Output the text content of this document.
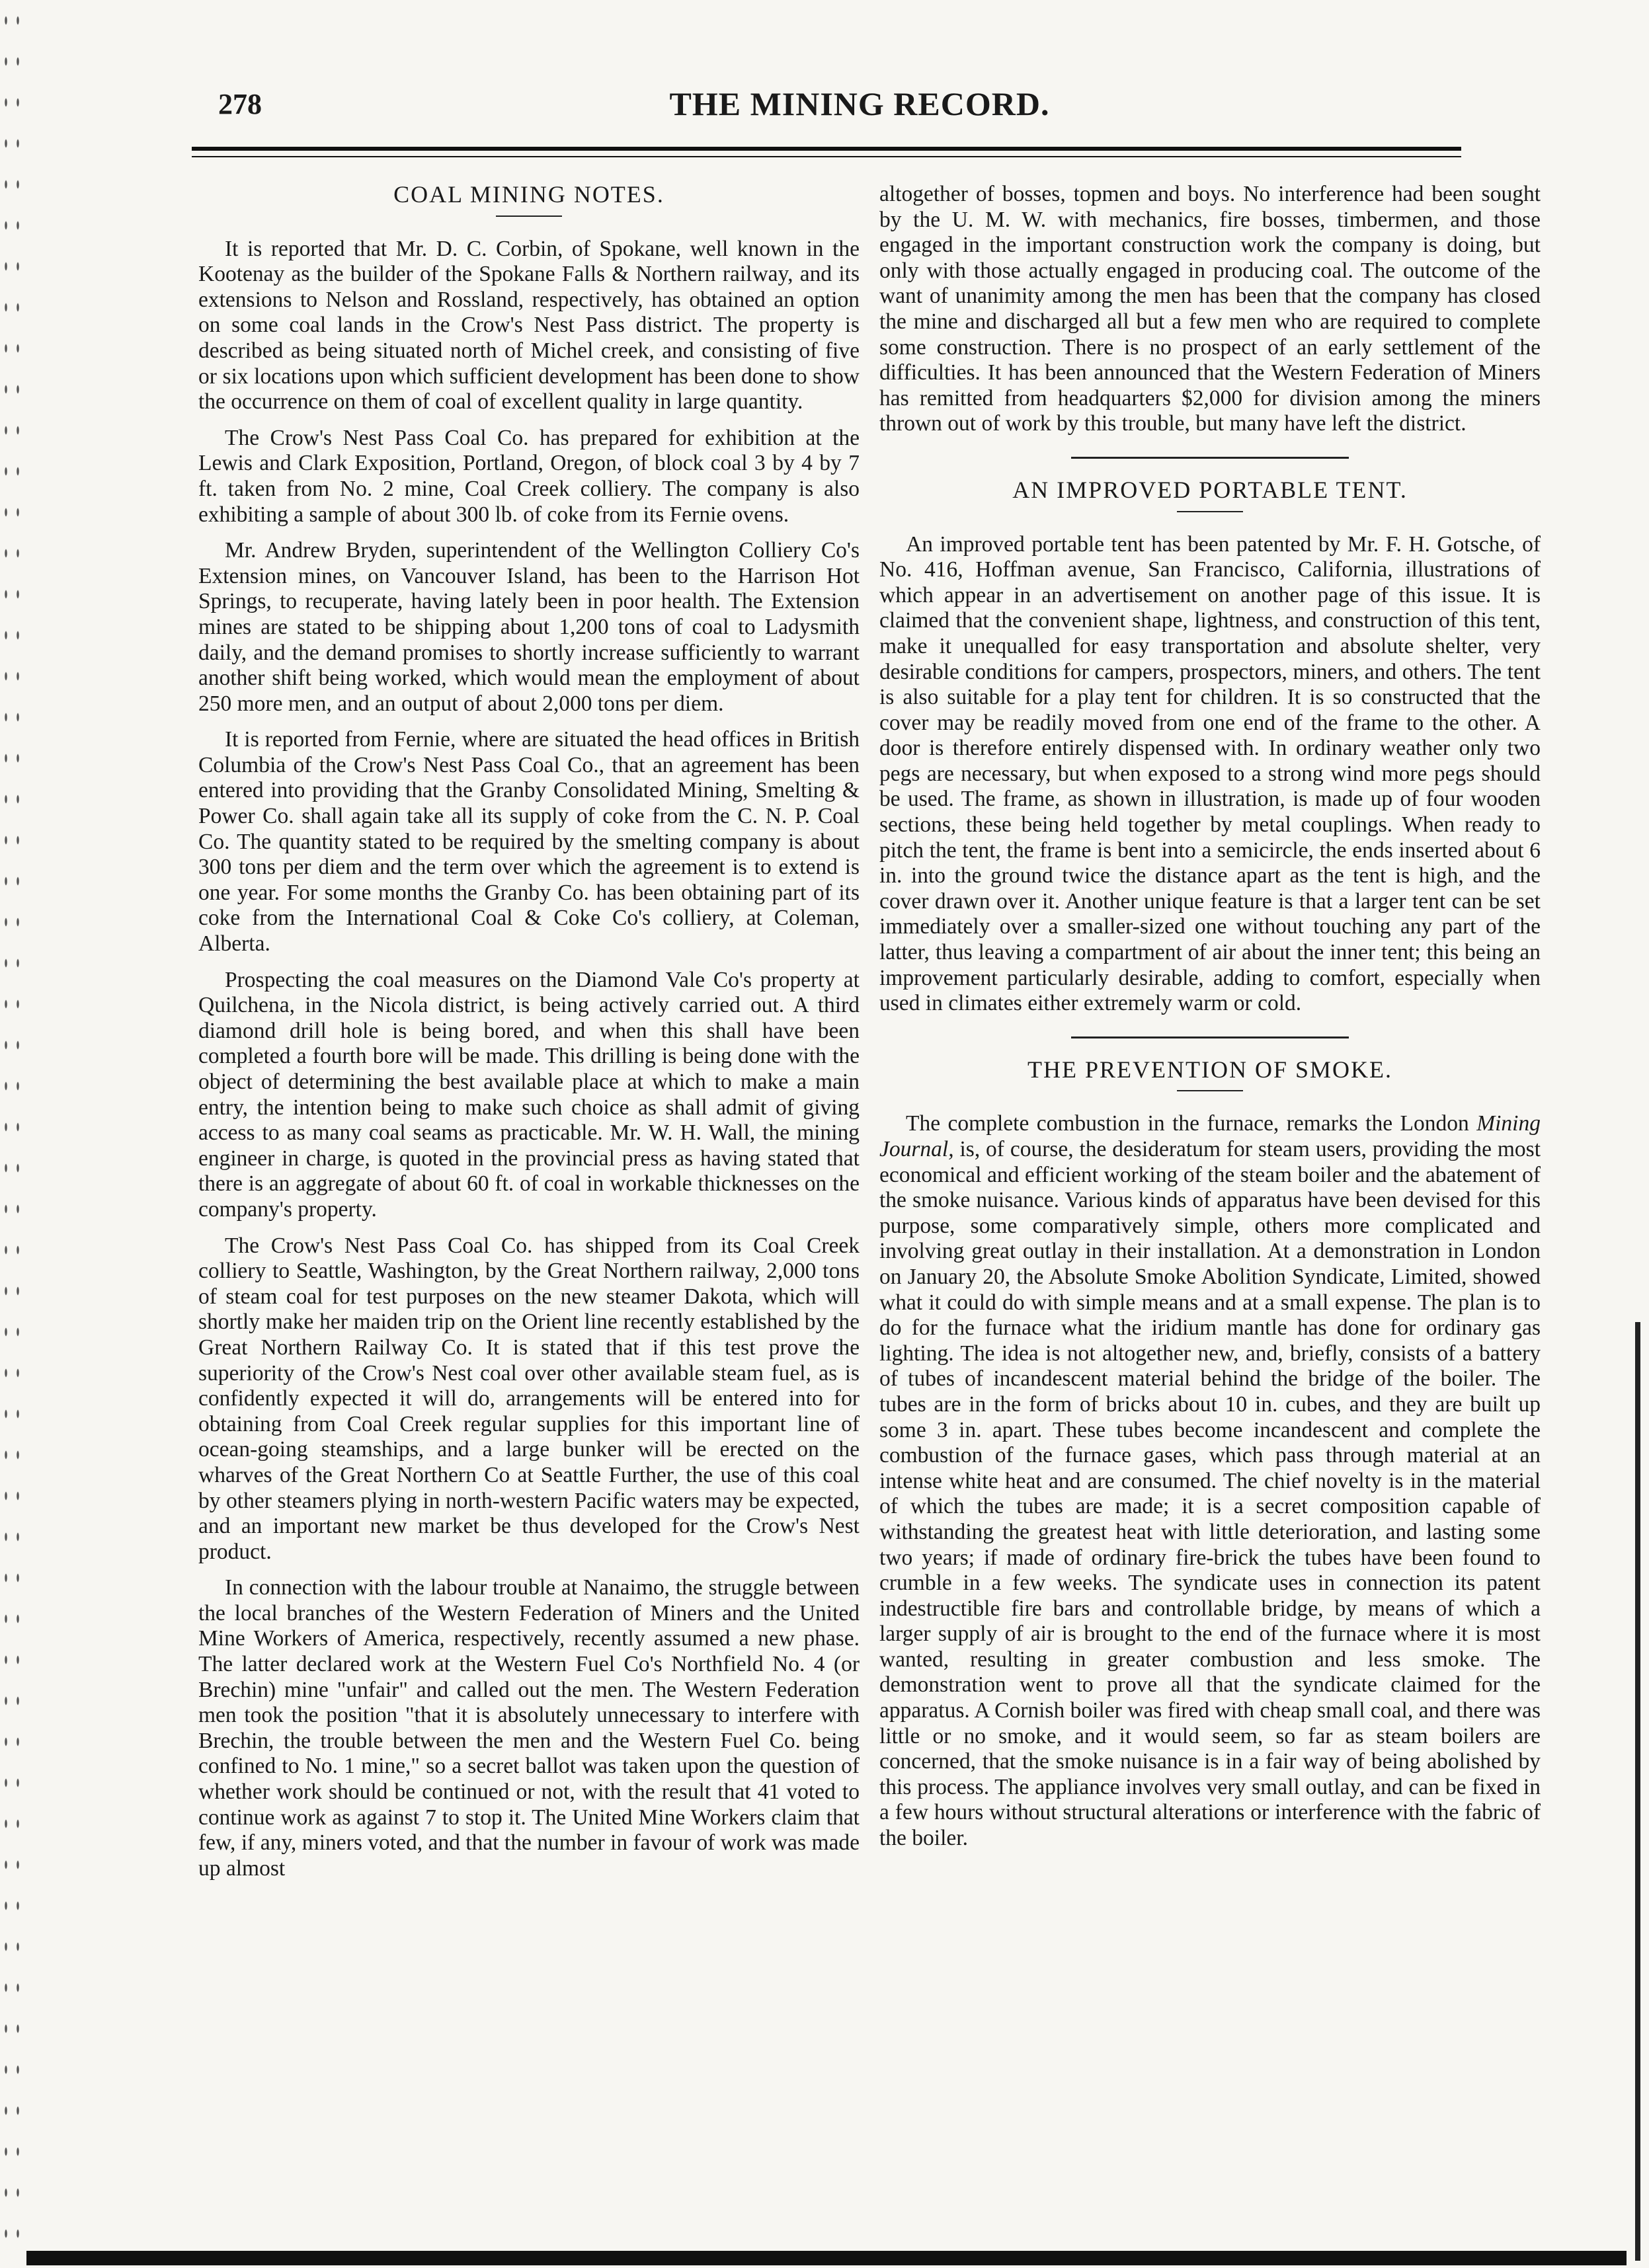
278	THE MINING RECORD.
COAL MINING NOTES.

It is reported that Mr. D. C. Corbin, of Spokane, well known in the Kootenay as the builder of the Spokane Falls & Northern railway, and its extensions to Nelson and Rossland, respectively, has obtained an option on some coal lands in the Crow's Nest Pass district. The property is described as being situated north of Michel creek, and consisting of five or six locations upon which sufficient development has been done to show the occurrence on them of coal of excellent quality in large quantity.

The Crow's Nest Pass Coal Co. has prepared for exhibition at the Lewis and Clark Exposition, Portland, Oregon, of block coal 3 by 4 by 7 ft. taken from No. 2 mine, Coal Creek colliery. The company is also exhibiting a sample of about 300 lb. of coke from its Fernie ovens.

Mr. Andrew Bryden, superintendent of the Wellington Colliery Co's Extension mines, on Vancouver Island, has been to the Harrison Hot Springs, to recuperate, having lately been in poor health. The Extension mines are stated to be shipping about 1,200 tons of coal to Ladysmith daily, and the demand promises to shortly increase sufficiently to warrant another shift being worked, which would mean the employment of about 250 more men, and an output of about 2,000 tons per diem.

It is reported from Fernie, where are situated the head offices in British Columbia of the Crow's Nest Pass Coal Co., that an agreement has been entered into providing that the Granby Consolidated Mining, Smelting & Power Co. shall again take all its supply of coke from the C. N. P. Coal Co. The quantity stated to be required by the smelting company is about 300 tons per diem and the term over which the agreement is to extend is one year. For some months the Granby Co. has been obtaining part of its coke from the International Coal & Coke Co's colliery, at Coleman, Alberta.

Prospecting the coal measures on the Diamond Vale Co's property at Quilchena, in the Nicola district, is being actively carried out. A third diamond drill hole is being bored, and when this shall have been completed a fourth bore will be made. This drilling is being done with the object of determining the best available place at which to make a main entry, the intention being to make such choice as shall admit of giving access to as many coal seams as practicable. Mr. W. H. Wall, the mining engineer in charge, is quoted in the provincial press as having stated that there is an aggregate of about 60 ft. of coal in workable thicknesses on the company's property.

The Crow's Nest Pass Coal Co. has shipped from its Coal Creek colliery to Seattle, Washington, by the Great Northern railway, 2,000 tons of steam coal for test purposes on the new steamer Dakota, which will shortly make her maiden trip on the Orient line recently established by the Great Northern Railway Co. It is stated that if this test prove the superiority of the Crow's Nest coal over other available steam fuel, as is confidently expected it will do, arrangements will be entered into for obtaining from Coal Creek regular supplies for this important line of ocean-going steamships, and a large bunker will be erected on the wharves of the Great Northern Co at Seattle Further, the use of this coal by other steamers plying in north-western Pacific waters may be expected, and an important new market be thus developed for the Crow's Nest product.

In connection with the labour trouble at Nanaimo, the struggle between the local branches of the Western Federation of Miners and the United Mine Workers of America, respectively, recently assumed a new phase. The latter declared work at the Western Fuel Co's Northfield No. 4 (or Brechin) mine "unfair" and called out the men. The Western Federation men took the position "that it is absolutely unnecessary to interfere with Brechin, the trouble between the men and the Western Fuel Co. being confined to No. 1 mine," so a secret ballot was taken upon the question of whether work should be continued or not, with the result that 41 voted to continue work as against 7 to stop it. The United Mine Workers claim that few, if any, miners voted, and that the number in favour of work was made up almost

altogether of bosses, topmen and boys. No interference had been sought by the U. M. W. with mechanics, fire bosses, timbermen, and those engaged in the important construction work the company is doing, but only with those actually engaged in producing coal. The outcome of the want of unanimity among the men has been that the company has closed the mine and discharged all but a few men who are required to complete some construction. There is no prospect of an early settlement of the difficulties. It has been announced that the Western Federation of Miners has remitted from headquarters $2,000 for division among the miners thrown out of work by this trouble, but many have left the district.

AN IMPROVED PORTABLE TENT.

An improved portable tent has been patented by Mr. F. H. Gotsche, of No. 416, Hoffman avenue, San Francisco, California, illustrations of which appear in an advertisement on another page of this issue. It is claimed that the convenient shape, lightness, and construction of this tent, make it unequalled for easy transportation and absolute shelter, very desirable conditions for campers, prospectors, miners, and others. The tent is also suitable for a play tent for children. It is so constructed that the cover may be readily moved from one end of the frame to the other. A door is therefore entirely dispensed with. In ordinary weather only two pegs are necessary, but when exposed to a strong wind more pegs should be used. The frame, as shown in illustration, is made up of four wooden sections, these being held together by metal couplings. When ready to pitch the tent, the frame is bent into a semicircle, the ends inserted about 6 in. into the ground twice the distance apart as the tent is high, and the cover drawn over it. Another unique feature is that a larger tent can be set immediately over a smaller-sized one without touching any part of the latter, thus leaving a compartment of air about the inner tent; this being an improvement particularly desirable, adding to comfort, especially when used in climates either extremely warm or cold.

THE PREVENTION OF SMOKE.

The complete combustion in the furnace, remarks the London Mining Journal, is, of course, the desideratum for steam users, providing the most economical and efficient working of the steam boiler and the abatement of the smoke nuisance. Various kinds of apparatus have been devised for this purpose, some comparatively simple, others more complicated and involving great outlay in their installation. At a demonstration in London on January 20, the Absolute Smoke Abolition Syndicate, Limited, showed what it could do with simple means and at a small expense. The plan is to do for the furnace what the iridium mantle has done for ordinary gas lighting. The idea is not altogether new, and, briefly, consists of a battery of tubes of incandescent material behind the bridge of the boiler. The tubes are in the form of bricks about 10 in. cubes, and they are built up some 3 in. apart. These tubes become incandescent and complete the combustion of the furnace gases, which pass through material at an intense white heat and are consumed. The chief novelty is in the material of which the tubes are made; it is a secret composition capable of withstanding the greatest heat with little deterioration, and lasting some two years; if made of ordinary fire-brick the tubes have been found to crumble in a few weeks. The syndicate uses in connection its patent indestructible fire bars and controllable bridge, by means of which a larger supply of air is brought to the end of the furnace where it is most wanted, resulting in greater combustion and less smoke. The demonstration went to prove all that the syndicate claimed for the apparatus. A Cornish boiler was fired with cheap small coal, and there was little or no smoke, and it would seem, so far as steam boilers are concerned, that the smoke nuisance is in a fair way of being abolished by this process. The appliance involves very small outlay, and can be fixed in a few hours without structural alterations or interference with the fabric of the boiler.
